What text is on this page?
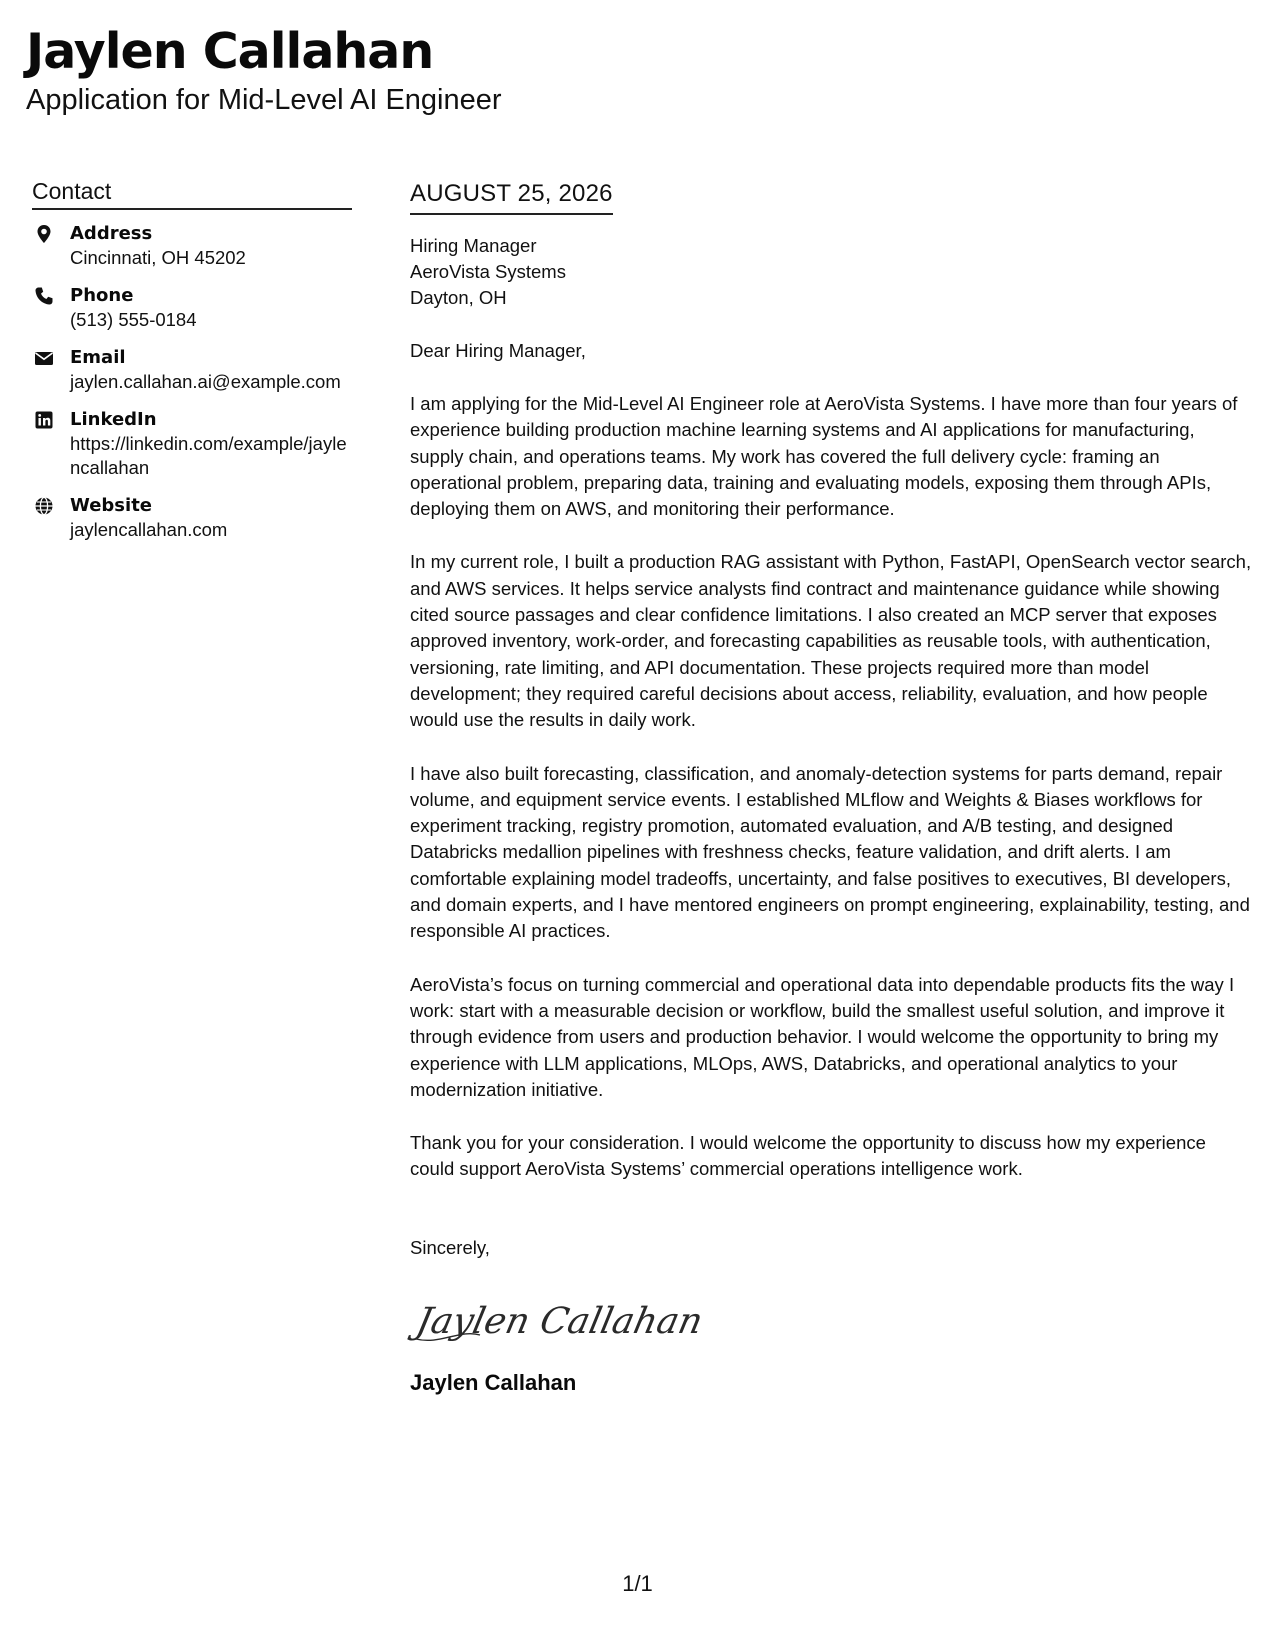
Jaylen Callahan
Application for Mid-Level AI Engineer
Contact
Address
Cincinnati, OH 45202
Phone
(513) 555-0184
Email
jaylen.callahan.ai@example.com
LinkedIn
https://linkedin.com/example/jaylencallahan
Website
jaylencallahan.com
AUGUST 25, 2026
Hiring Manager
AeroVista Systems
Dayton, OH
Dear Hiring Manager,

I am applying for the Mid-Level AI Engineer role at AeroVista Systems. I have more than four years of experience building production machine learning systems and AI applications for manufacturing, supply chain, and operations teams. My work has covered the full delivery cycle: framing an operational problem, preparing data, training and evaluating models, exposing them through APIs, deploying them on AWS, and monitoring their performance.

In my current role, I built a production RAG assistant with Python, FastAPI, OpenSearch vector search, and AWS services. It helps service analysts find contract and maintenance guidance while showing cited source passages and clear confidence limitations. I also created an MCP server that exposes approved inventory, work-order, and forecasting capabilities as reusable tools, with authentication, versioning, rate limiting, and API documentation. These projects required more than model development; they required careful decisions about access, reliability, evaluation, and how people would use the results in daily work.

I have also built forecasting, classification, and anomaly-detection systems for parts demand, repair volume, and equipment service events. I established MLflow and Weights & Biases workflows for experiment tracking, registry promotion, automated evaluation, and A/B testing, and designed Databricks medallion pipelines with freshness checks, feature validation, and drift alerts. I am comfortable explaining model tradeoffs, uncertainty, and false positives to executives, BI developers, and domain experts, and I have mentored engineers on prompt engineering, explainability, testing, and responsible AI practices.

AeroVista’s focus on turning commercial and operational data into dependable products fits the way I work: start with a measurable decision or workflow, build the smallest useful solution, and improve it through evidence from users and production behavior. I would welcome the opportunity to bring my experience with LLM applications, MLOps, AWS, Databricks, and operational analytics to your modernization initiative.

Thank you for your consideration. I would welcome the opportunity to discuss how my experience could support AeroVista Systems’ commercial operations intelligence work.

Sincerely,
Jaylen Callahan
Jaylen Callahan
1/1
